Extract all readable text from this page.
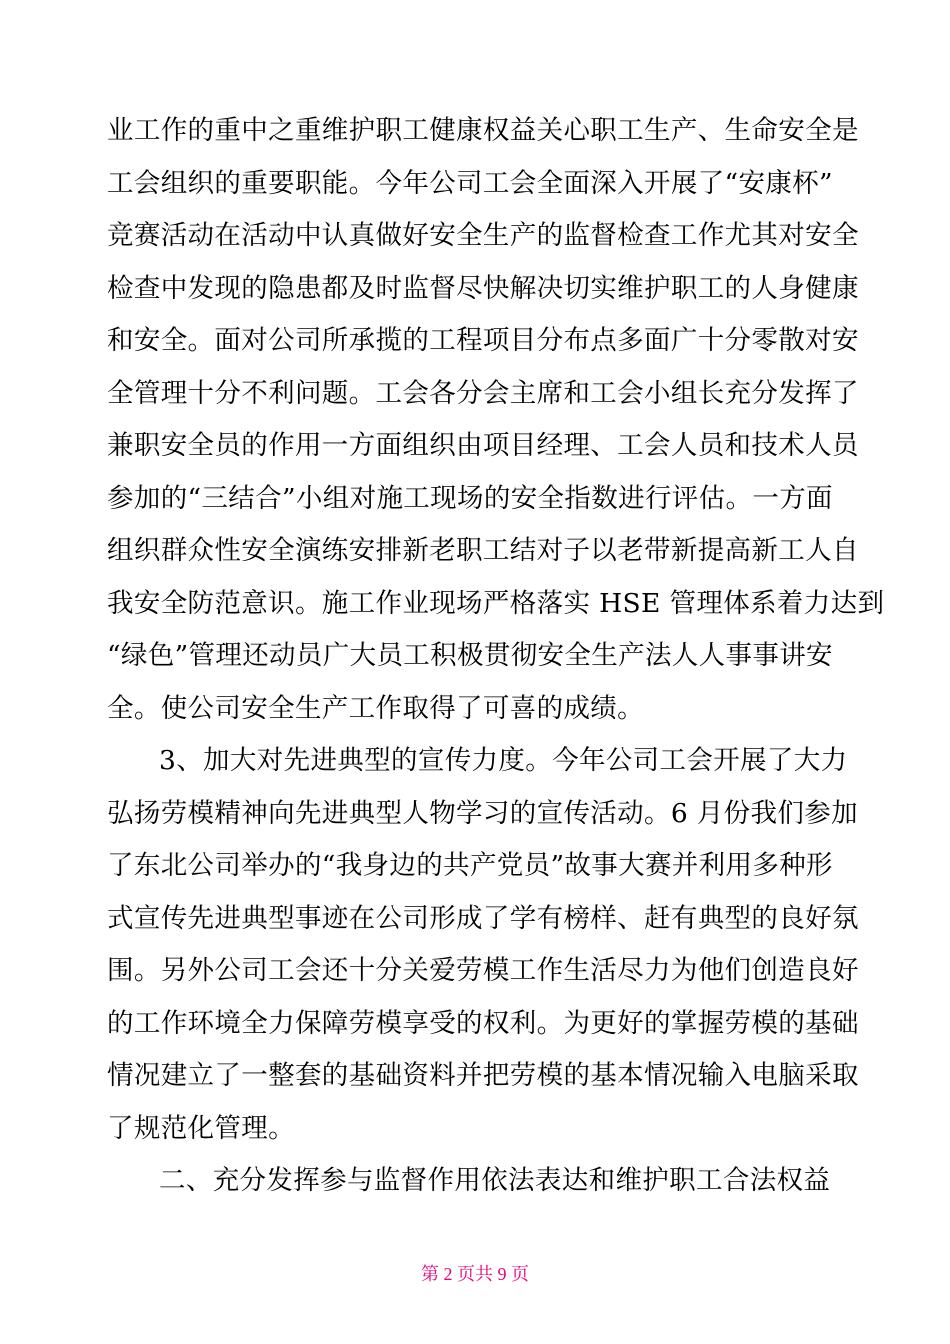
业工作的重中之重维护职工健康权益关心职工生产、生命安全是
工会组织的重要职能。今年公司工会全面深入开展了“安康杯”
竞赛活动在活动中认真做好安全生产的监督检查工作尤其对安全
检查中发现的隐患都及时监督尽快解决切实维护职工的人身健康
和安全。面对公司所承揽的工程项目分布点多面广十分零散对安
全管理十分不利问题。工会各分会主席和工会小组长充分发挥了
兼职安全员的作用一方面组织由项目经理、工会人员和技术人员
参加的“三结合”小组对施工现场的安全指数进行评估。一方面
组织群众性安全演练安排新老职工结对子以老带新提高新工人自
我安全防范意识。施工作业现场严格落实 HSE 管理体系着力达到
“绿色”管理还动员广大员工积极贯彻安全生产法人人事事讲安
全。使公司安全生产工作取得了可喜的成绩。
3、加大对先进典型的宣传力度。今年公司工会开展了大力
弘扬劳模精神向先进典型人物学习的宣传活动。6 月份我们参加
了东北公司举办的“我身边的共产党员”故事大赛并利用多种形
式宣传先进典型事迹在公司形成了学有榜样、赶有典型的良好氛
围。另外公司工会还十分关爱劳模工作生活尽力为他们创造良好
的工作环境全力保障劳模享受的权利。为更好的掌握劳模的基础
情况建立了一整套的基础资料并把劳模的基本情况输入电脑采取
了规范化管理。
二、充分发挥参与监督作用依法表达和维护职工合法权益
第 2 页共 9 页
